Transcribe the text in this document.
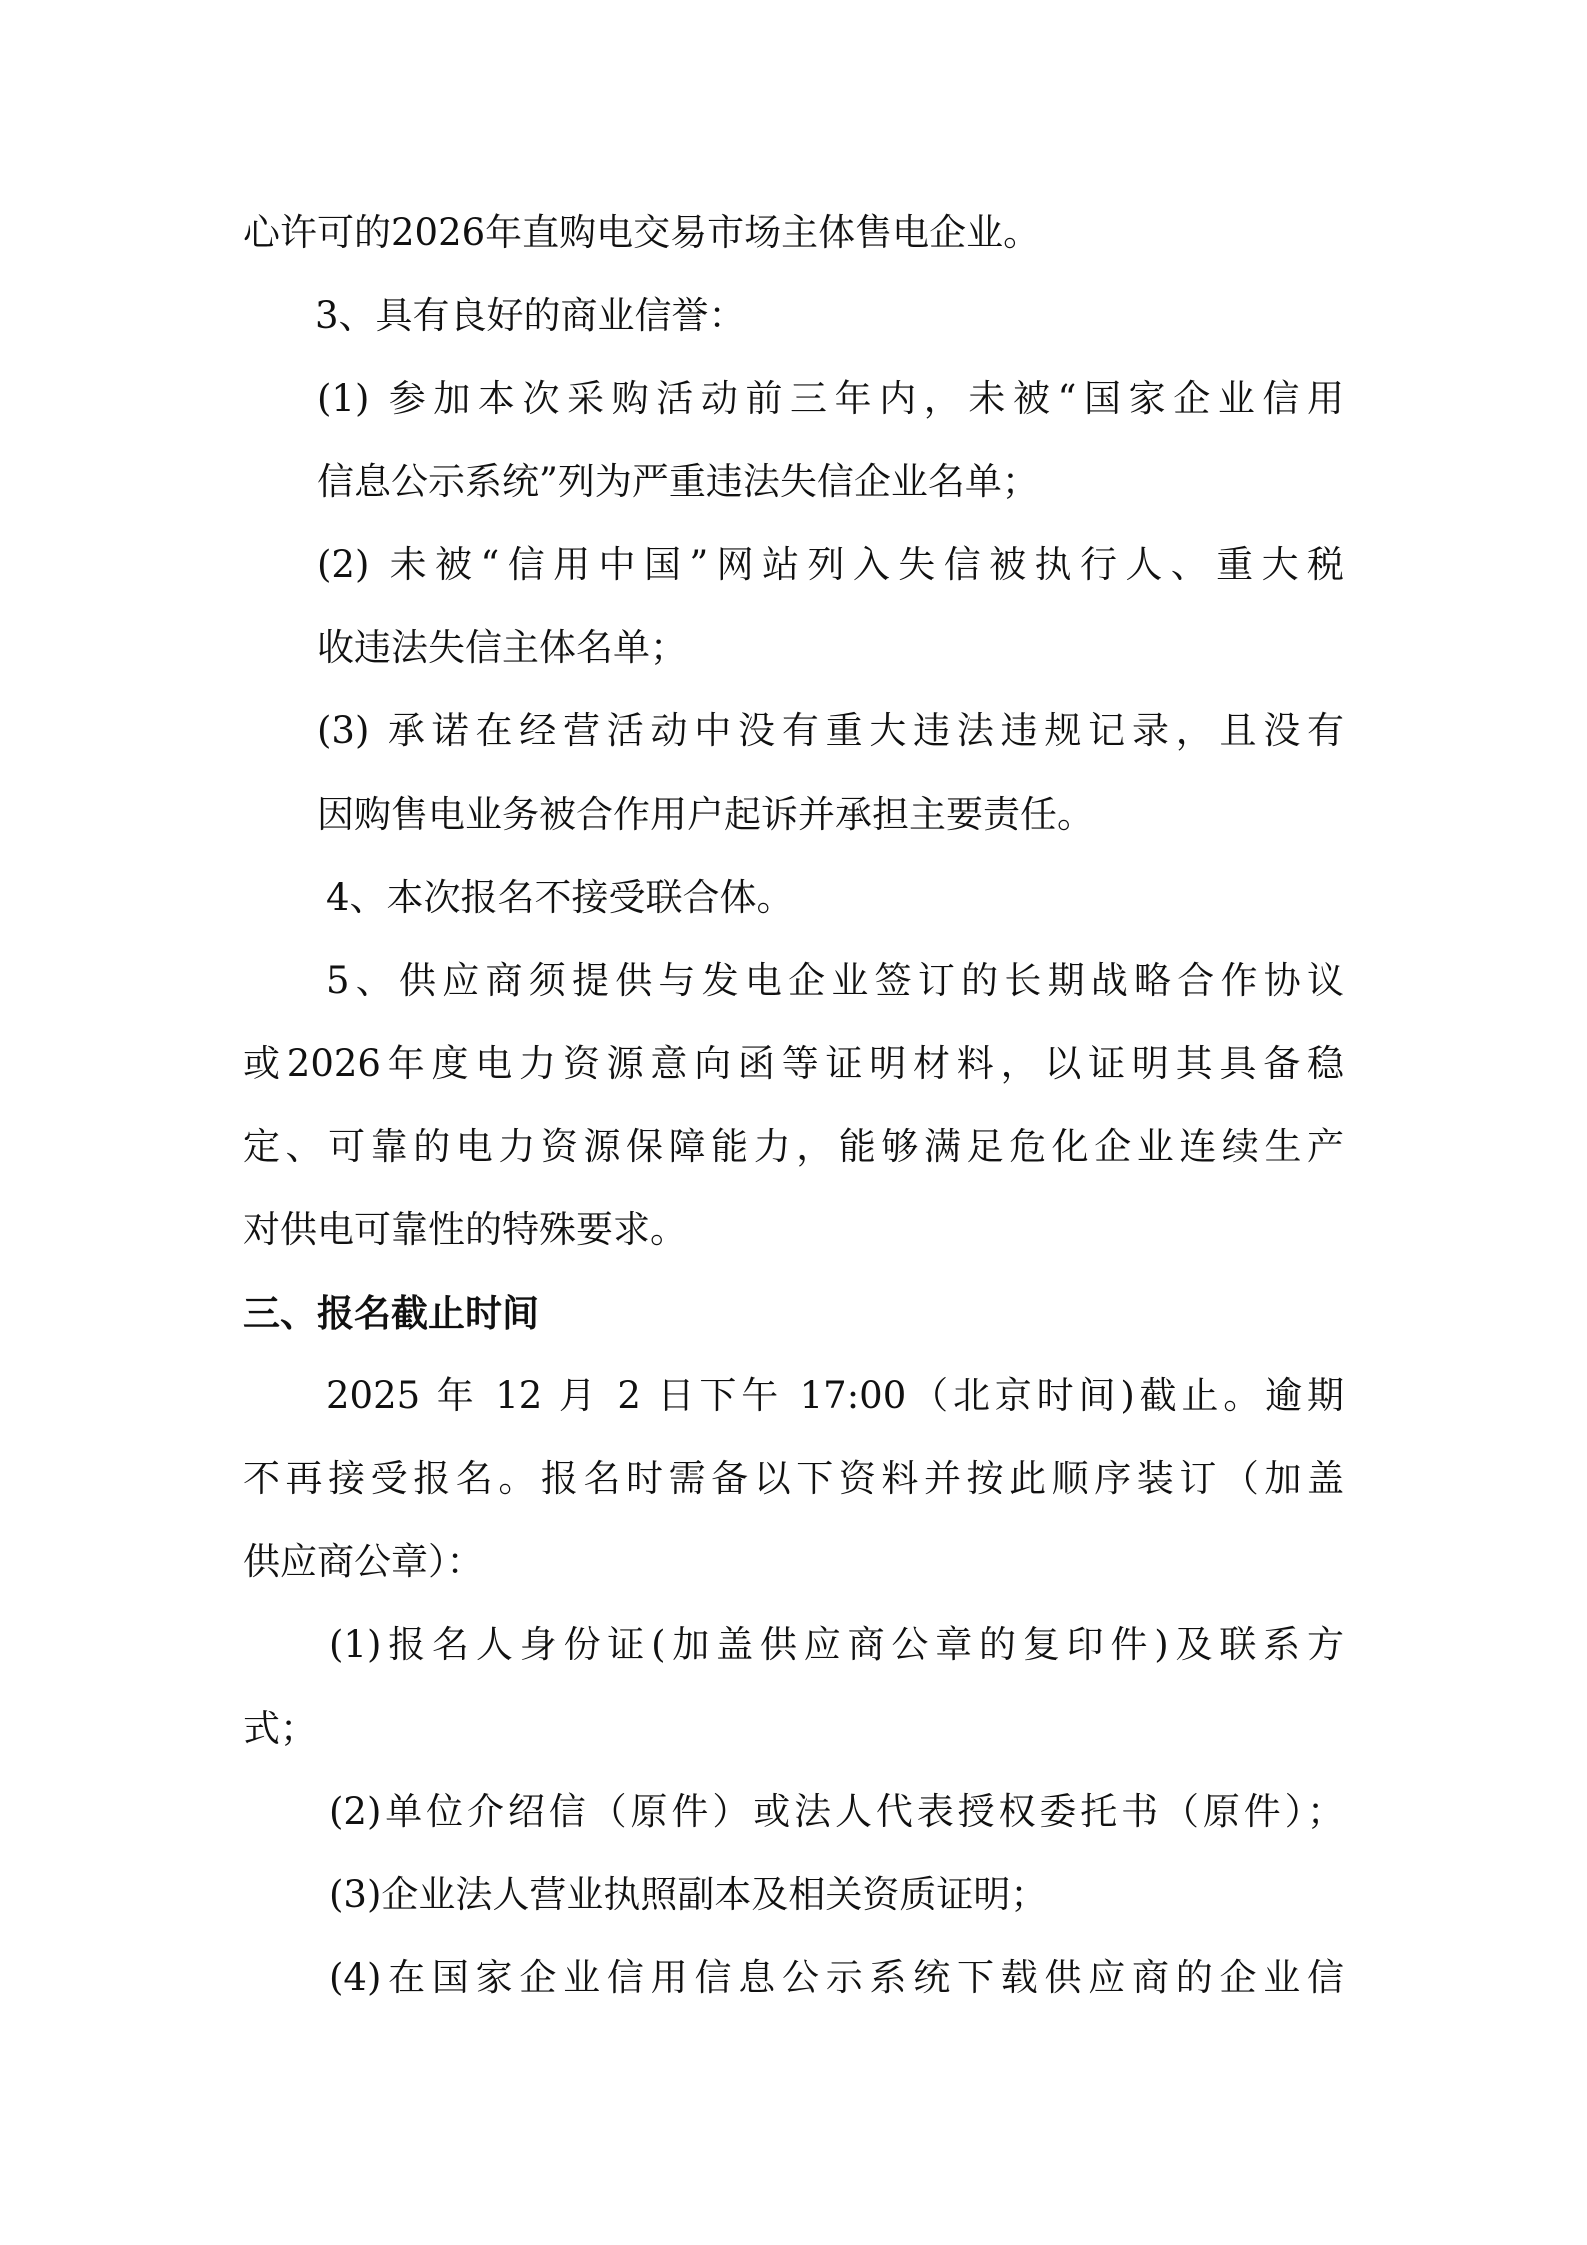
心许可的2026年直购电交易市场主体售电企业。
3、具有良好的商业信誉：
(1) 参加本次采购活动前三年内，未被“国家企业信用
信息公示系统”列为严重违法失信企业名单；
(2) 未被“信用中国”网站列入失信被执行人、重大税
收违法失信主体名单；
(3) 承诺在经营活动中没有重大违法违规记录，且没有
因购售电业务被合作用户起诉并承担主要责任。
4、本次报名不接受联合体。
5、供应商须提供与发电企业签订的长期战略合作协议
或2026年度电力资源意向函等证明材料，以证明其具备稳
定、可靠的电力资源保障能力，能够满足危化企业连续生产
对供电可靠性的特殊要求。
三、报名截止时间
2025 年 12 月 2 日下午 17:00（北京时间)截止。逾期
不再接受报名。报名时需备以下资料并按此顺序装订（加盖
供应商公章）：
(1)报名人身份证(加盖供应商公章的复印件)及联系方
式；
(2)单位介绍信（原件）或法人代表授权委托书（原件）；
(3)企业法人营业执照副本及相关资质证明；
(4)在国家企业信用信息公示系统下载供应商的企业信
